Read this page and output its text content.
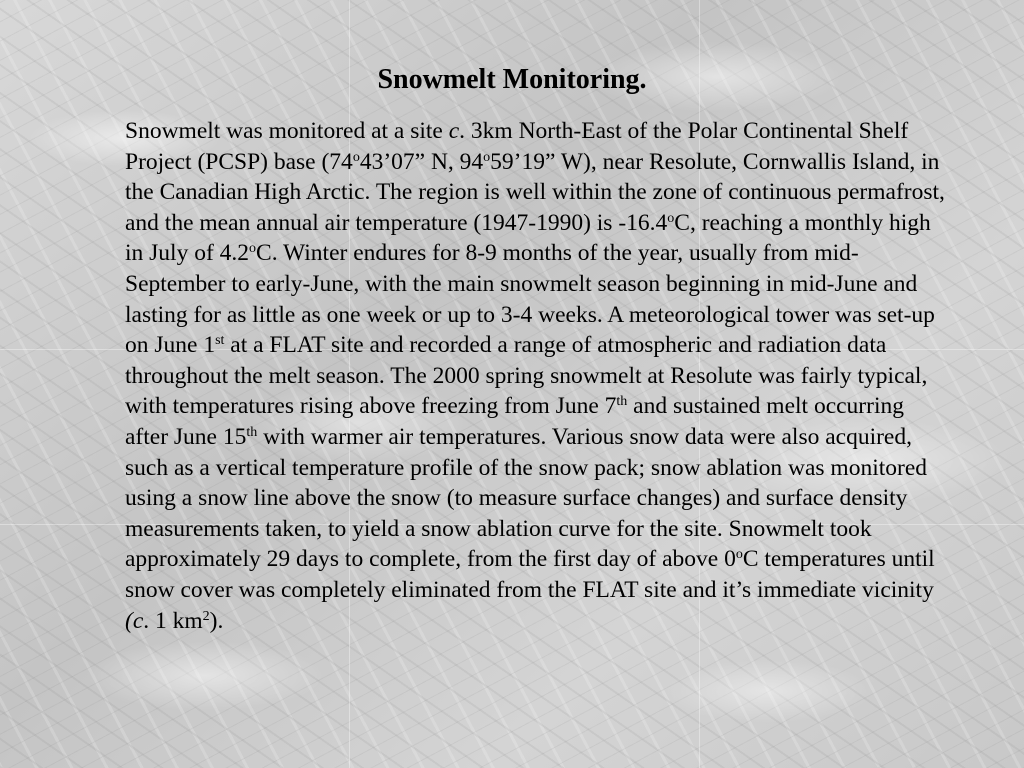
Snowmelt Monitoring.

Snowmelt was monitored at a site c. 3km North-East of the Polar Continental Shelf Project (PCSP) base (74$^o$43’07” N, 94$^o$59’19” W), near Resolute, Cornwallis Island, in the Canadian High Arctic. The region is well within the zone of continuous permafrost, and the mean annual air temperature (1947-1990) is -16.4$^o$C, reaching a monthly high in July of 4.2$^o$C. Winter endures for 8-9 months of the year, usually from mid-September to early-June, with the main snowmelt season beginning in mid-June and lasting for as little as one week or up to 3-4 weeks. A meteorological tower was set-up on June 1st at a FLAT site and recorded a range of atmospheric and radiation data throughout the melt season. The 2000 spring snowmelt at Resolute was fairly typical, with temperatures rising above freezing from June 7th and sustained melt occurring after June 15th with warmer air temperatures. Various snow data were also acquired, such as a vertical temperature profile of the snow pack; snow ablation was monitored using a snow line above the snow (to measure surface changes) and surface density measurements taken, to yield a snow ablation curve for the site. Snowmelt took approximately 29 days to complete, from the first day of above 0$^o$C temperatures until snow cover was completely eliminated from the FLAT site and it’s immediate vicinity (c. 1 $km^2$).
